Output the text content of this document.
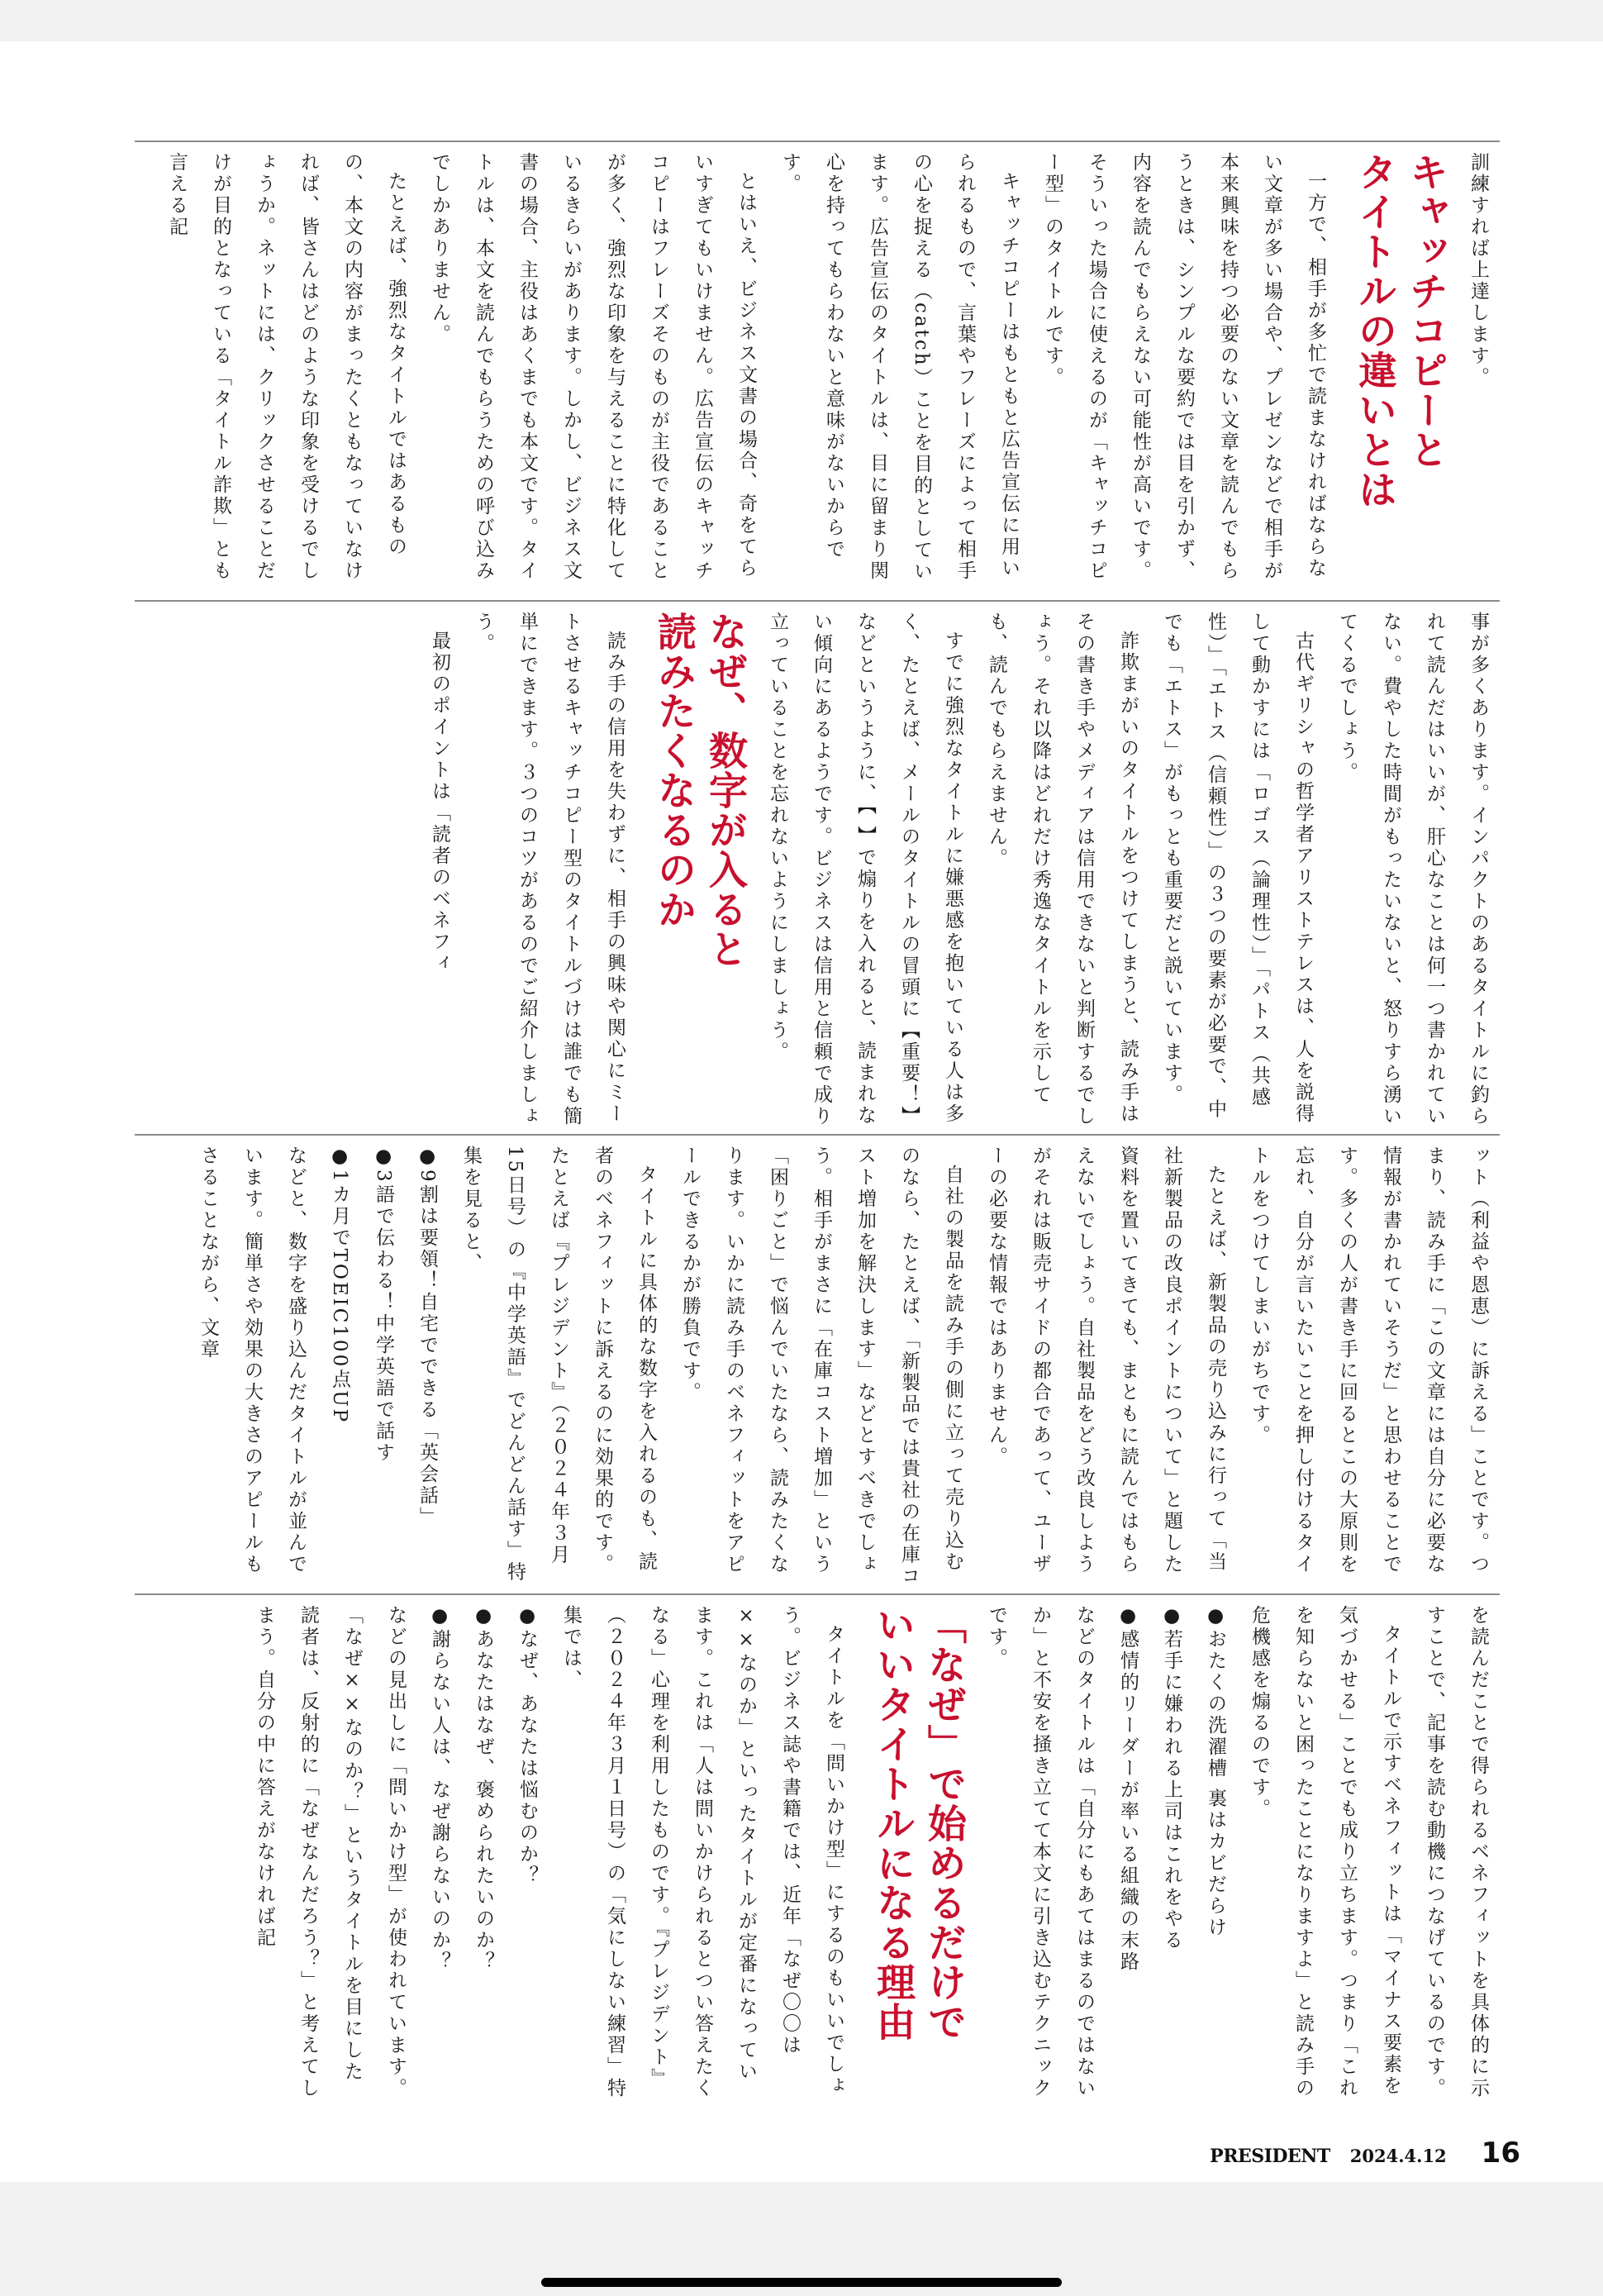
訓練すれば上達します。

キャッチコピーと
タイトルの違いとは

一方で、相手が多忙で読まなければならない文章が多い場合や、プレゼンなどで相手が本来興味を持つ必要のない文章を読んでもらうときは、シンプルな要約では目を引かず、内容を読んでもらえない可能性が高いです。そういった場合に使えるのが「キャッチコピー型」のタイトルです。

キャッチコピーはもともと広告宣伝に用いられるもので、言葉やフレーズによって相手の心を捉える（catch）ことを目的としています。広告宣伝のタイトルは、目に留まり関心を持ってもらわないと意味がないからです。

とはいえ、ビジネス文書の場合、奇をてらいすぎてもいけません。広告宣伝のキャッチコピーはフレーズそのものが主役であることが多く、強烈な印象を与えることに特化しているきらいがあります。しかし、ビジネス文書の場合、主役はあくまでも本文です。タイトルは、本文を読んでもらうための呼び込みでしかありません。

たとえば、強烈なタイトルではあるものの、本文の内容がまったくともなっていなければ、皆さんはどのような印象を受けるでしょうか。ネットには、クリックさせることだけが目的となっている「タイトル詐欺」とも言える記

事が多くあります。インパクトのあるタイトルに釣られて読んだはいいが、肝心なことは何一つ書かれていない。費やした時間がもったいないと、怒りすら湧いてくるでしょう。

古代ギリシャの哲学者アリストテレスは、人を説得して動かすには「ロゴス（論理性）」「パトス（共感性）」「エトス（信頼性）」の３つの要素が必要で、中でも「エトス」がもっとも重要だと説いています。

詐欺まがいのタイトルをつけてしまうと、読み手はその書き手やメディアは信用できないと判断するでしょう。それ以降はどれだけ秀逸なタイトルを示しても、読んでもらえません。

すでに強烈なタイトルに嫌悪感を抱いている人は多く、たとえば、メールのタイトルの冒頭に【重要！】などというように、【 】で煽りを入れると、読まれない傾向にあるようです。ビジネスは信用と信頼で成り立っていることを忘れないようにしましょう。

なぜ、数字が入ると
読みたくなるのか

読み手の信用を失わずに、相手の興味や関心にミートさせるキャッチコピー型のタイトルづけは誰でも簡単にできます。３つのコツがあるのでご紹介しましょう。

最初のポイントは「読者のベネフィ

ット（利益や恩恵）に訴える」ことです。つまり、読み手に「この文章には自分に必要な情報が書かれていそうだ」と思わせることです。多くの人が書き手に回るとこの大原則を忘れ、自分が言いたいことを押し付けるタイトルをつけてしまいがちです。

たとえば、新製品の売り込みに行って「当社新製品の改良ポイントについて」と題した資料を置いてきても、まともに読んではもらえないでしょう。自社製品をどう改良しようがそれは販売サイドの都合であって、ユーザーの必要な情報ではありません。

自社の製品を読み手の側に立って売り込むのなら、たとえば、「新製品では貴社の在庫コスト増加を解決します」などとすべきでしょう。相手がまさに「在庫コスト増加」という「困りごと」で悩んでいたなら、読みたくなります。いかに読み手のベネフィットをアピールできるかが勝負です。

タイトルに具体的な数字を入れるのも、読者のベネフィットに訴えるのに効果的です。たとえば『プレジデント』（２０２４年３月15日号）の『中学英語』でどんどん話す」特集を見ると、

●9割は要領！自宅でできる「英会話」

●3語で伝わる！中学英語で話す

●1カ月でTOEIC100点UP

などと、数字を盛り込んだタイトルが並んでいます。簡単さや効果の大きさのアピールもさることながら、文章

を読んだことで得られるベネフィットを具体的に示すことで、記事を読む動機につなげているのです。

タイトルで示すベネフィットは「マイナス要素を気づかせる」ことでも成り立ちます。つまり「これを知らないと困ったことになりますよ」と読み手の危機感を煽るのです。

●おたくの洗濯槽 裏はカビだらけ

●若手に嫌われる上司はこれをやる

●感情的リーダーが率いる組織の末路

などのタイトルは「自分にもあてはまるのではないか」と不安を掻き立てて本文に引き込むテクニックです。

「なぜ」で始めるだけで
いいタイトルになる理由

タイトルを「問いかけ型」にするのもいいでしょう。ビジネス誌や書籍では、近年「なぜ〇〇は××なのか」といったタイトルが定番になっています。これは「人は問いかけられるとつい答えたくなる」心理を利用したものです。『プレジデント』（２０２４年３月１日号）の「気にしない練習」特集では、

●なぜ、あなたは悩むのか？

●あなたはなぜ、褒められたいのか？

●謝らない人は、なぜ謝らないのか？

などの見出しに「問いかけ型」が使われています。「なぜ××なのか？」というタイトルを目にした読者は、反射的に「なぜなんだろう？」と考えてしまう。自分の中に答えがなければ記

PRESIDENT 2024.4.12 16
